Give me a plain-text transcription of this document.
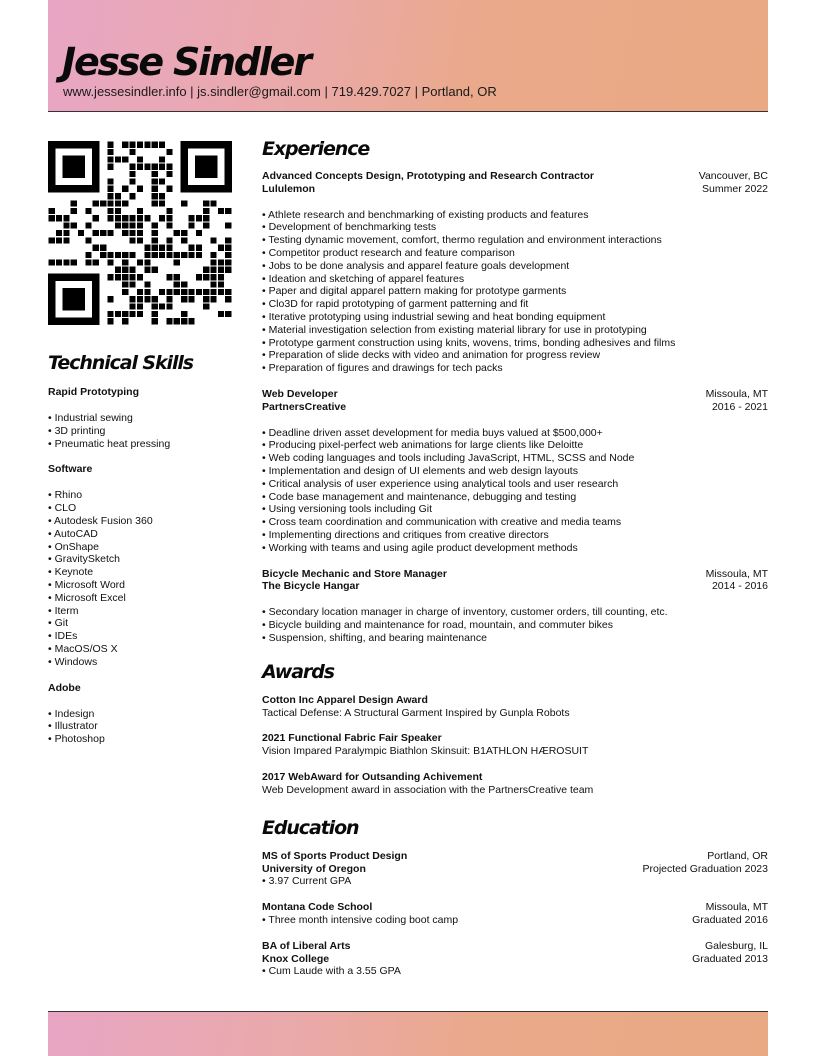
Jesse Sindler
www.jessesindler.info | js.sindler@gmail.com | 719.429.7027 | Portland, OR
Technical Skills
Rapid Prototyping
• Industrial sewing
• 3D printing
• Pneumatic heat pressing
Software
• Rhino
• CLO
• Autodesk Fusion 360
• AutoCAD
• OnShape
• GravitySketch
• Keynote
• Microsoft Word
• Microsoft Excel
• Iterm
• Git
• IDEs
• MacOS/OS X
• Windows
Adobe
• Indesign
• Illustrator
• Photoshop
Experience
Advanced Concepts Design, Prototyping and Research Contractor	Vancouver, BC
Lululemon	Summer 2022
• Athlete research and benchmarking of existing products and features
• Development of benchmarking tests
• Testing dynamic movement, comfort, thermo regulation and environment interactions
• Competitor product research and feature comparison
• Jobs to be done analysis and apparel feature goals development
• Ideation and sketching of apparel features
• Paper and digital apparel pattern making for prototype garments
• Clo3D for rapid prototyping of garment patterning and fit
• Iterative prototyping using industrial sewing and heat bonding equipment
• Material investigation selection from existing material library for use in prototyping
• Prototype garment construction using knits, wovens, trims, bonding adhesives and films
• Preparation of slide decks with video and animation for progress review
• Preparation of figures and drawings for tech packs
Web Developer	Missoula, MT
PartnersCreative	2016 - 2021
• Deadline driven asset development for media buys valued at $500,000+
• Producing pixel-perfect web animations for large clients like Deloitte
• Web coding languages and tools including JavaScript, HTML, SCSS and Node
• Implementation and design of UI elements and web design layouts
• Critical analysis of user experience using analytical tools and user research
• Code base management and maintenance, debugging and testing
• Using versioning tools including Git
• Cross team coordination and communication with creative and media teams
• Implementing directions and critiques from creative directors
• Working with teams and using agile product development methods
Bicycle Mechanic and Store Manager	Missoula, MT
The Bicycle Hangar	2014 - 2016
• Secondary location manager in charge of inventory, customer orders, till counting, etc.
• Bicycle building and maintenance for road, mountain, and commuter bikes
• Suspension, shifting, and bearing maintenance
Awards
Cotton Inc Apparel Design Award
Tactical Defense: A Structural Garment Inspired by Gunpla Robots
2021 Functional Fabric Fair Speaker
Vision Impared Paralympic Biathlon Skinsuit: B1ATHLON HÆROSUIT
2017 WebAward for Outsanding Achivement
Web Development award in association with the PartnersCreative team
Education
MS of Sports Product Design	Portland, OR
University of Oregon	Projected Graduation 2023
• 3.97 Current GPA
Montana Code School	Missoula, MT
• Three month intensive coding boot camp	Graduated 2016
BA of Liberal Arts	Galesburg, IL
Knox College	Graduated 2013
• Cum Laude with a 3.55 GPA
